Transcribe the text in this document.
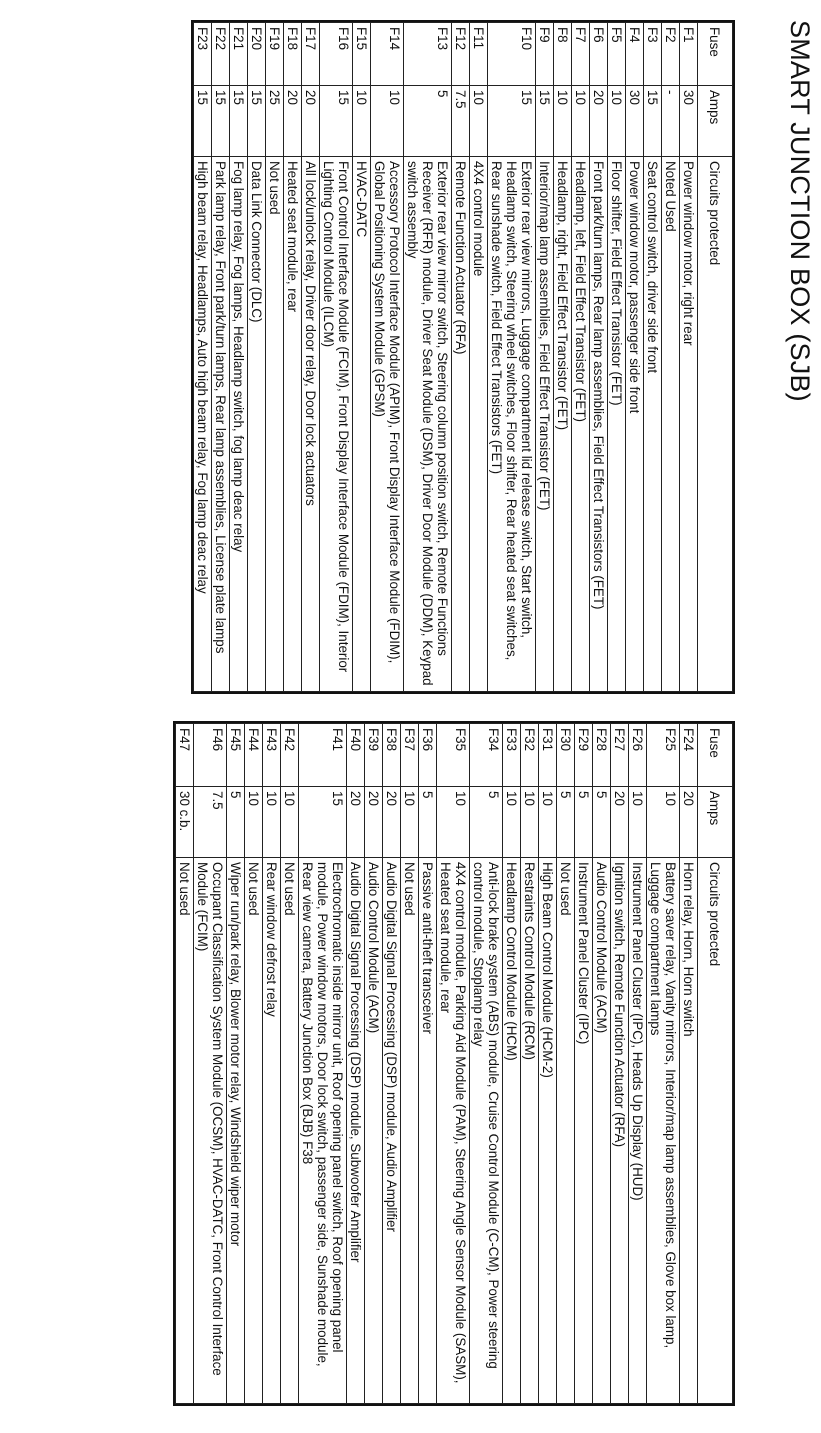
SMART JUNCTION BOX (SJB)
Fuse	Amps	Circuits protected
F1	30	Power window motor, right rear
F2	-	Noted Used
F3	15	Seat control switch, driver side front
F4	30	Power window motor, passenger side front
F5	10	Floor shifter, Field Effect Transistor (FET)
F6	20	Front park/turn lamps, Rear lamp assemblies, Field Effect Transistors (FET)
F7	10	Headlamp, left, Field Effect Transistor (FET)
F8	10	Headlamp, right, Field Effect Transistor (FET)
F9	15	Interior/map lamp assemblies, Field Effect Transistor (FET)
F10	15	Exterior rear view mirrors, Luggage compartment lid release switch, Start switch, Headlamp switch, Steering wheel switches, Floor shifter, Rear heated seat switches, Rear sunshade switch, Field Effect Transistors (FET)
F11	10	4X4 control module
F12	7.5	Remote Function Actuator (RFA)
F13	5	Exterior rear view mirror switch, Steering column position switch, Remote Functions Receiver (RFR) module, Driver Seat Module (DSM), Driver Door Module (DDM), Keypad switch assembly
F14	10	Accessory Protocol Interface Module (APIM), Front Display Interface Module (FDIM), Global Positioning System Module (GPSM)
F15	10	HVAC-DATC
F16	15	Front Control Interface Module (FCIM), Front Display Interface Module (FDIM), Interior Lighting Control Module (ILCM)
F17	20	All lock/unlock relay, Driver door relay, Door lock actuators
F18	20	Heated seat module, rear
F19	25	Not used
F20	15	Data Link Connector (DLC)
F21	15	Fog lamp relay, Fog lamps, Headlamp switch, fog lamp deac relay
F22	15	Park lamp relay, Front park/turn lamps, Rear lamp assemblies, License plate lamps
F23	15	High beam relay, Headlamps, Auto high beam relay, Fog lamp deac relay
Fuse	Amps	Circuits protected
F24	20	Horn relay, Horn, Horn switch
F25	10	Battery saver relay, Vanity mirrors, Interior/map lamp assemblies, Glove box lamp, Luggage compartment lamps
F26	10	Instrument Panel Cluster (IPC), Heads Up Display (HUD)
F27	20	Ignition switch, Remote Function Actuator (RFA)
F28	5	Audio Control Module (ACM)
F29	5	Instrument Panel Cluster (IPC)
F30	5	Not used
F31	10	High Beam Control Module (HCM-2)
F32	10	Restraints Control Module (RCM)
F33	10	Headlamp Control Module (HCM)
F34	5	Anti-lock brake system (ABS) module, Cruise Control Module (C-CM), Power steering control module, Stoplamp relay
F35	10	4X4 control module, Parking Aid Module (PAM), Steering Angle Sensor Module (SASM), Heated seat module, rear
F36	5	Passive anti-theft transceiver
F37	10	Not used
F38	20	Audio Digital Signal Processing (DSP) module, Audio Amplifier
F39	20	Audio Control Module (ACM)
F40	20	Audio Digital Signal Processing (DSP) module, Subwoofer Amplifier
F41	15	Electrochromatic inside mirror unit, Roof opening panel switch, Roof opening panel module, Power window motors, Door lock switch, passenger side, Sunshade module, Rear view camera, Battery Junction Box (BJB) F38
F42	10	Not used
F43	10	Rear window defrost relay
F44	10	Not used
F45	5	Wiper run/park relay, Blower motor relay, Windshield wiper motor
F46	7.5	Occupant Classification System Module (OCSM), HVAC-DATC, Front Control Interface Module (FCIM)
F47	30 c.b.	Not used
